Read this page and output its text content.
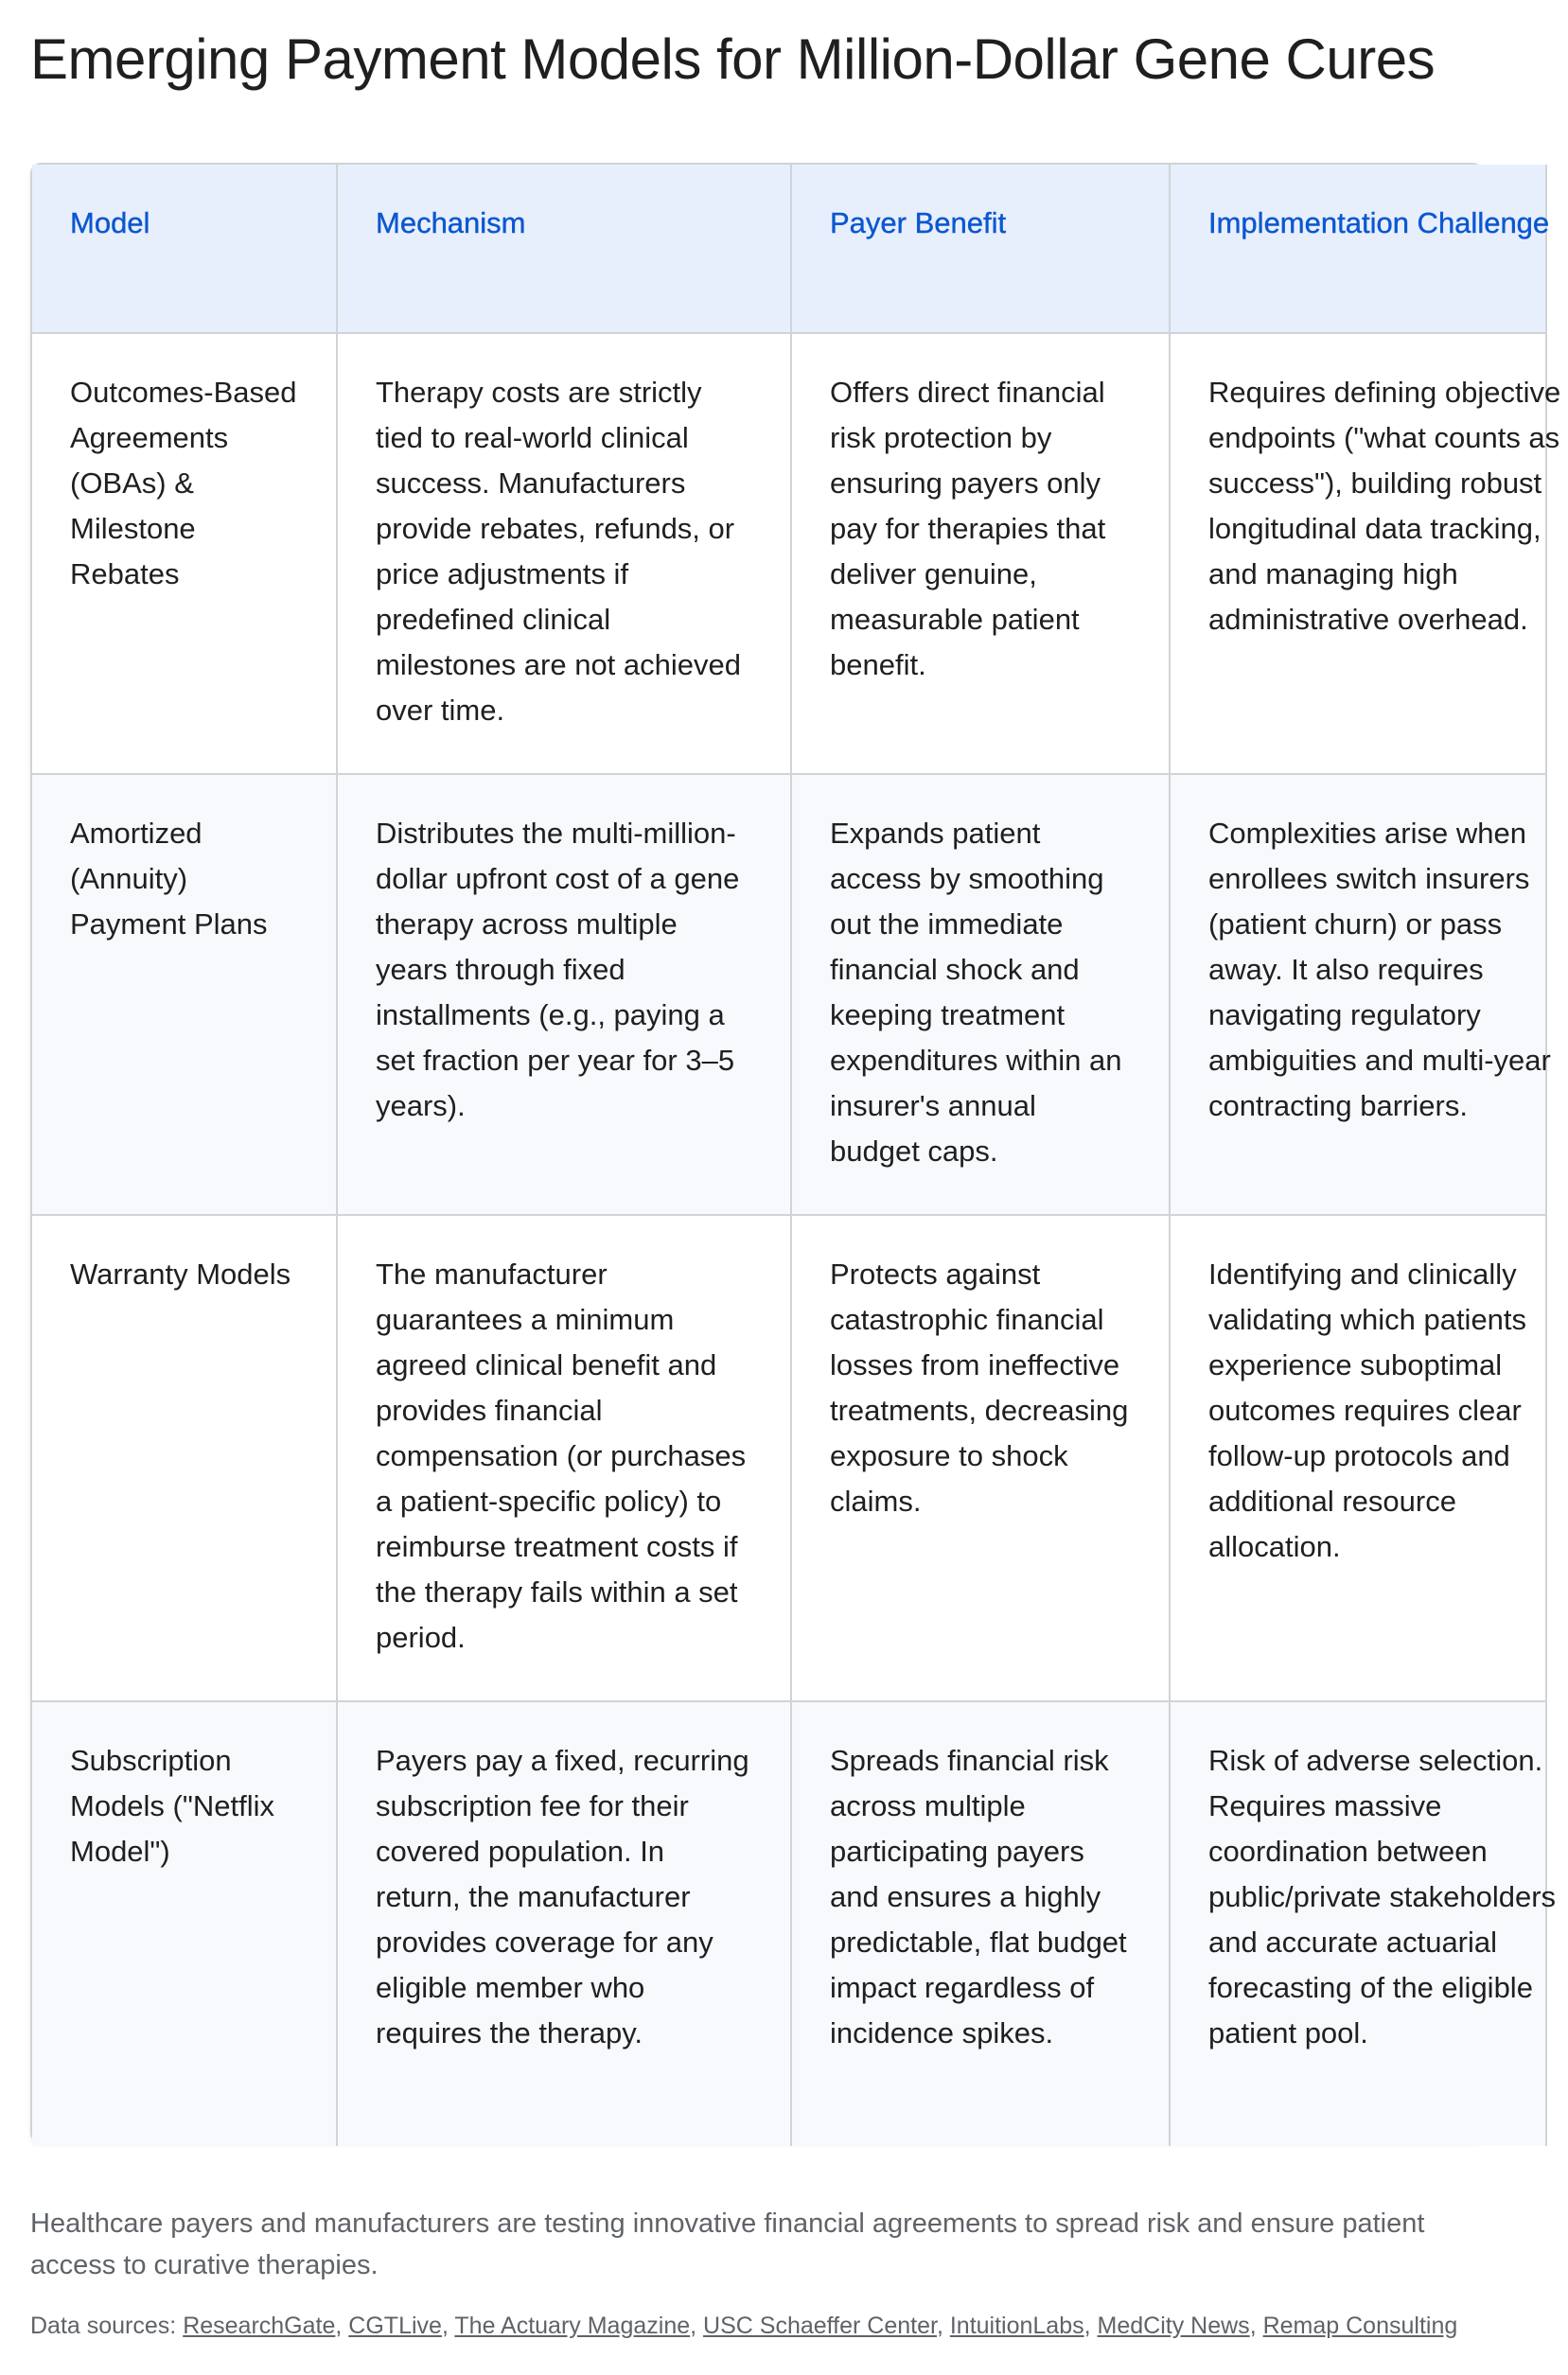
Emerging Payment Models for Million-Dollar Gene Cures
Model	Mechanism	Payer Benefit	Implementation Challenge

Outcomes-Based Agreements (OBAs) & Milestone Rebates	Therapy costs are strictly tied to real-world clinical success. Manufacturers provide rebates, refunds, or price adjustments if predefined clinical milestones are not achieved over time.	Offers direct financial risk protection by ensuring payers only pay for therapies that deliver genuine, measurable patient benefit.	Requires defining objective endpoints ("what counts as success"), building robust longitudinal data tracking, and managing high administrative overhead.

Amortized (Annuity) Payment Plans	Distributes the multi-million-dollar upfront cost of a gene therapy across multiple years through fixed installments (e.g., paying a set fraction per year for 3–5 years).	Expands patient access by smoothing out the immediate financial shock and keeping treatment expenditures within an insurer's annual budget caps.	Complexities arise when enrollees switch insurers (patient churn) or pass away. It also requires navigating regulatory ambiguities and multi-year contracting barriers.

Warranty Models	The manufacturer guarantees a minimum agreed clinical benefit and provides financial compensation (or purchases a patient-specific policy) to reimburse treatment costs if the therapy fails within a set period.	Protects against catastrophic financial losses from ineffective treatments, decreasing exposure to shock claims.	Identifying and clinically validating which patients experience suboptimal outcomes requires clear follow-up protocols and additional resource allocation.

Subscription Models ("Netflix Model")	Payers pay a fixed, recurring subscription fee for their covered population. In return, the manufacturer provides coverage for any eligible member who requires the therapy.	Spreads financial risk across multiple participating payers and ensures a highly predictable, flat budget impact regardless of incidence spikes.	Risk of adverse selection. Requires massive coordination between public/private stakeholders and accurate actuarial forecasting of the eligible patient pool.

Healthcare payers and manufacturers are testing innovative financial agreements to spread risk and ensure patient access to curative therapies.

Data sources: ResearchGate, CGTLive, The Actuary Magazine, USC Schaeffer Center, IntuitionLabs, MedCity News, Remap Consulting
